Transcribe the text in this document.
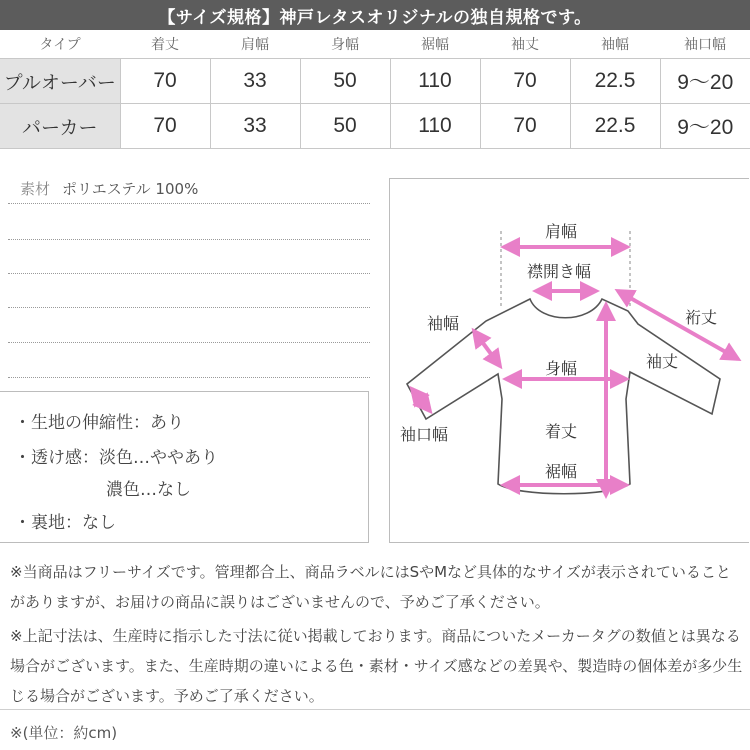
【サイズ規格】神戸レタスオリジナルの独自規格です。
タイプ	着丈	肩幅	身幅	裾幅	袖丈	袖幅	袖口幅
プルオーバー	70	33	50	110	70	22.5	9～20
パーカー	70	33	50	110	70	22.5	9～20
素材 ポリエステル 100%
・生地の伸縮性：あり
・透け感：淡色…ややあり
濃色…なし
・裏地：なし
肩幅
襟開き幅
袖幅	裄丈
袖丈
身幅
袖口幅	着丈
裾幅

※当商品はフリーサイズです。管理都合上、商品ラベルにはSやMなど具体的なサイズが表示されていることがありますが、お届けの商品に誤りはございませんので、予めご了承ください。

※上記寸法は、生産時に指示した寸法に従い掲載しております。商品についたメーカータグの数値とは異なる場合がございます。また、生産時期の違いによる色・素材・サイズ感などの差異や、製造時の個体差が多少生じる場合がございます。予めご了承ください。

※(単位：約cm)
